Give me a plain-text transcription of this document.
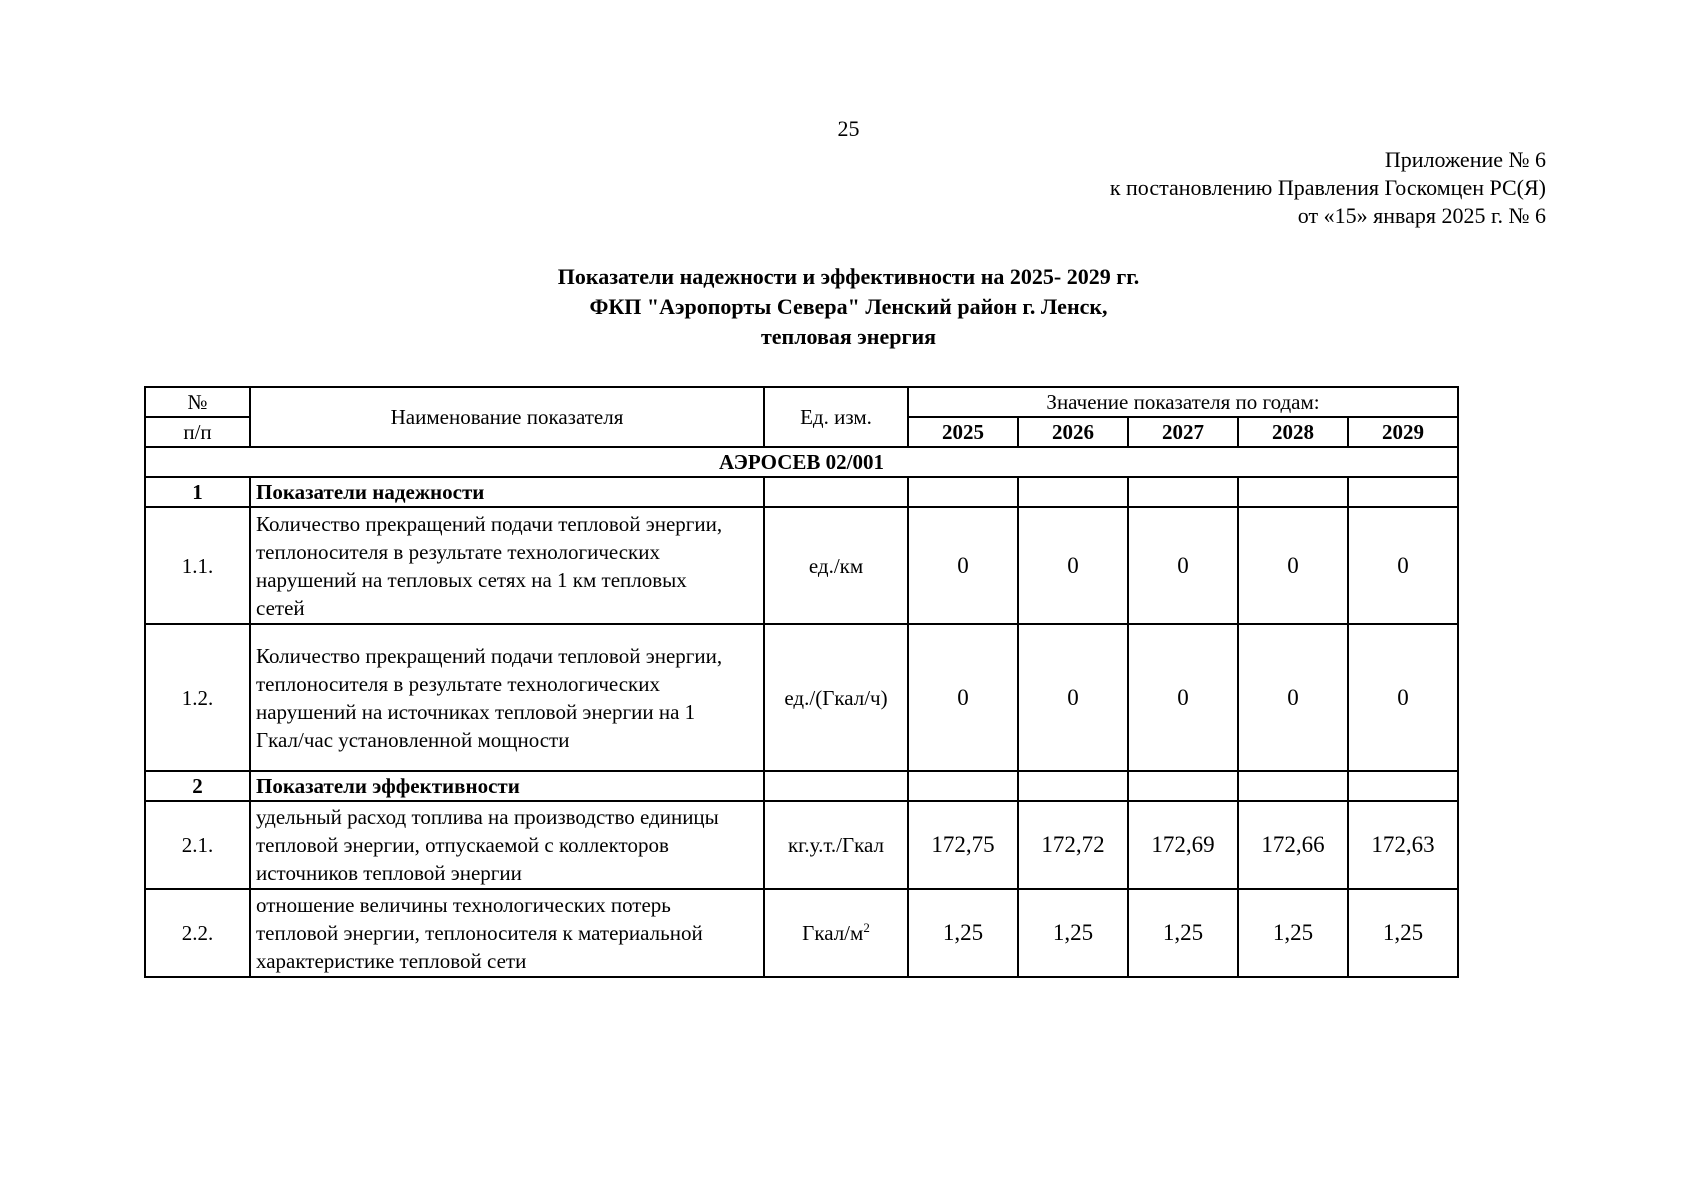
25
Приложение № 6
к постановлению Правления Госкомцен РС(Я)
от «15» января 2025 г. № 6
Показатели надежности и эффективности на 2025- 2029 гг.
ФКП "Аэропорты Севера" Ленский район г. Ленск,
тепловая энергия
№	Наименование показателя	Ед. изм.	Значение показателя по годам:				
п/п			2025	2026	2027	2028	2029
АЭРОСЕВ 02/001							
1	Показатели надежности						
1.1.	Количество прекращений подачи тепловой энергии,
теплоносителя в результате технологических
нарушений на тепловых сетях на 1 км тепловых
сетей	ед./км	0	0	0	0	0
1.2.	Количество прекращений подачи тепловой энергии,
теплоносителя в результате технологических
нарушений на источниках тепловой энергии на 1
Гкал/час установленной мощности	ед./(Гкал/ч)	0	0	0	0	0
2	Показатели эффективности						
2.1.	удельный расход топлива на производство единицы
тепловой энергии, отпускаемой с коллекторов
источников тепловой энергии	кг.у.т./Гкал	172,75	172,72	172,69	172,66	172,63
2.2.	отношение величины технологических потерь
тепловой энергии, теплоносителя к материальной
характеристике тепловой сети	Гкал/$м^2$	1,25	1,25	1,25	1,25	1,25
